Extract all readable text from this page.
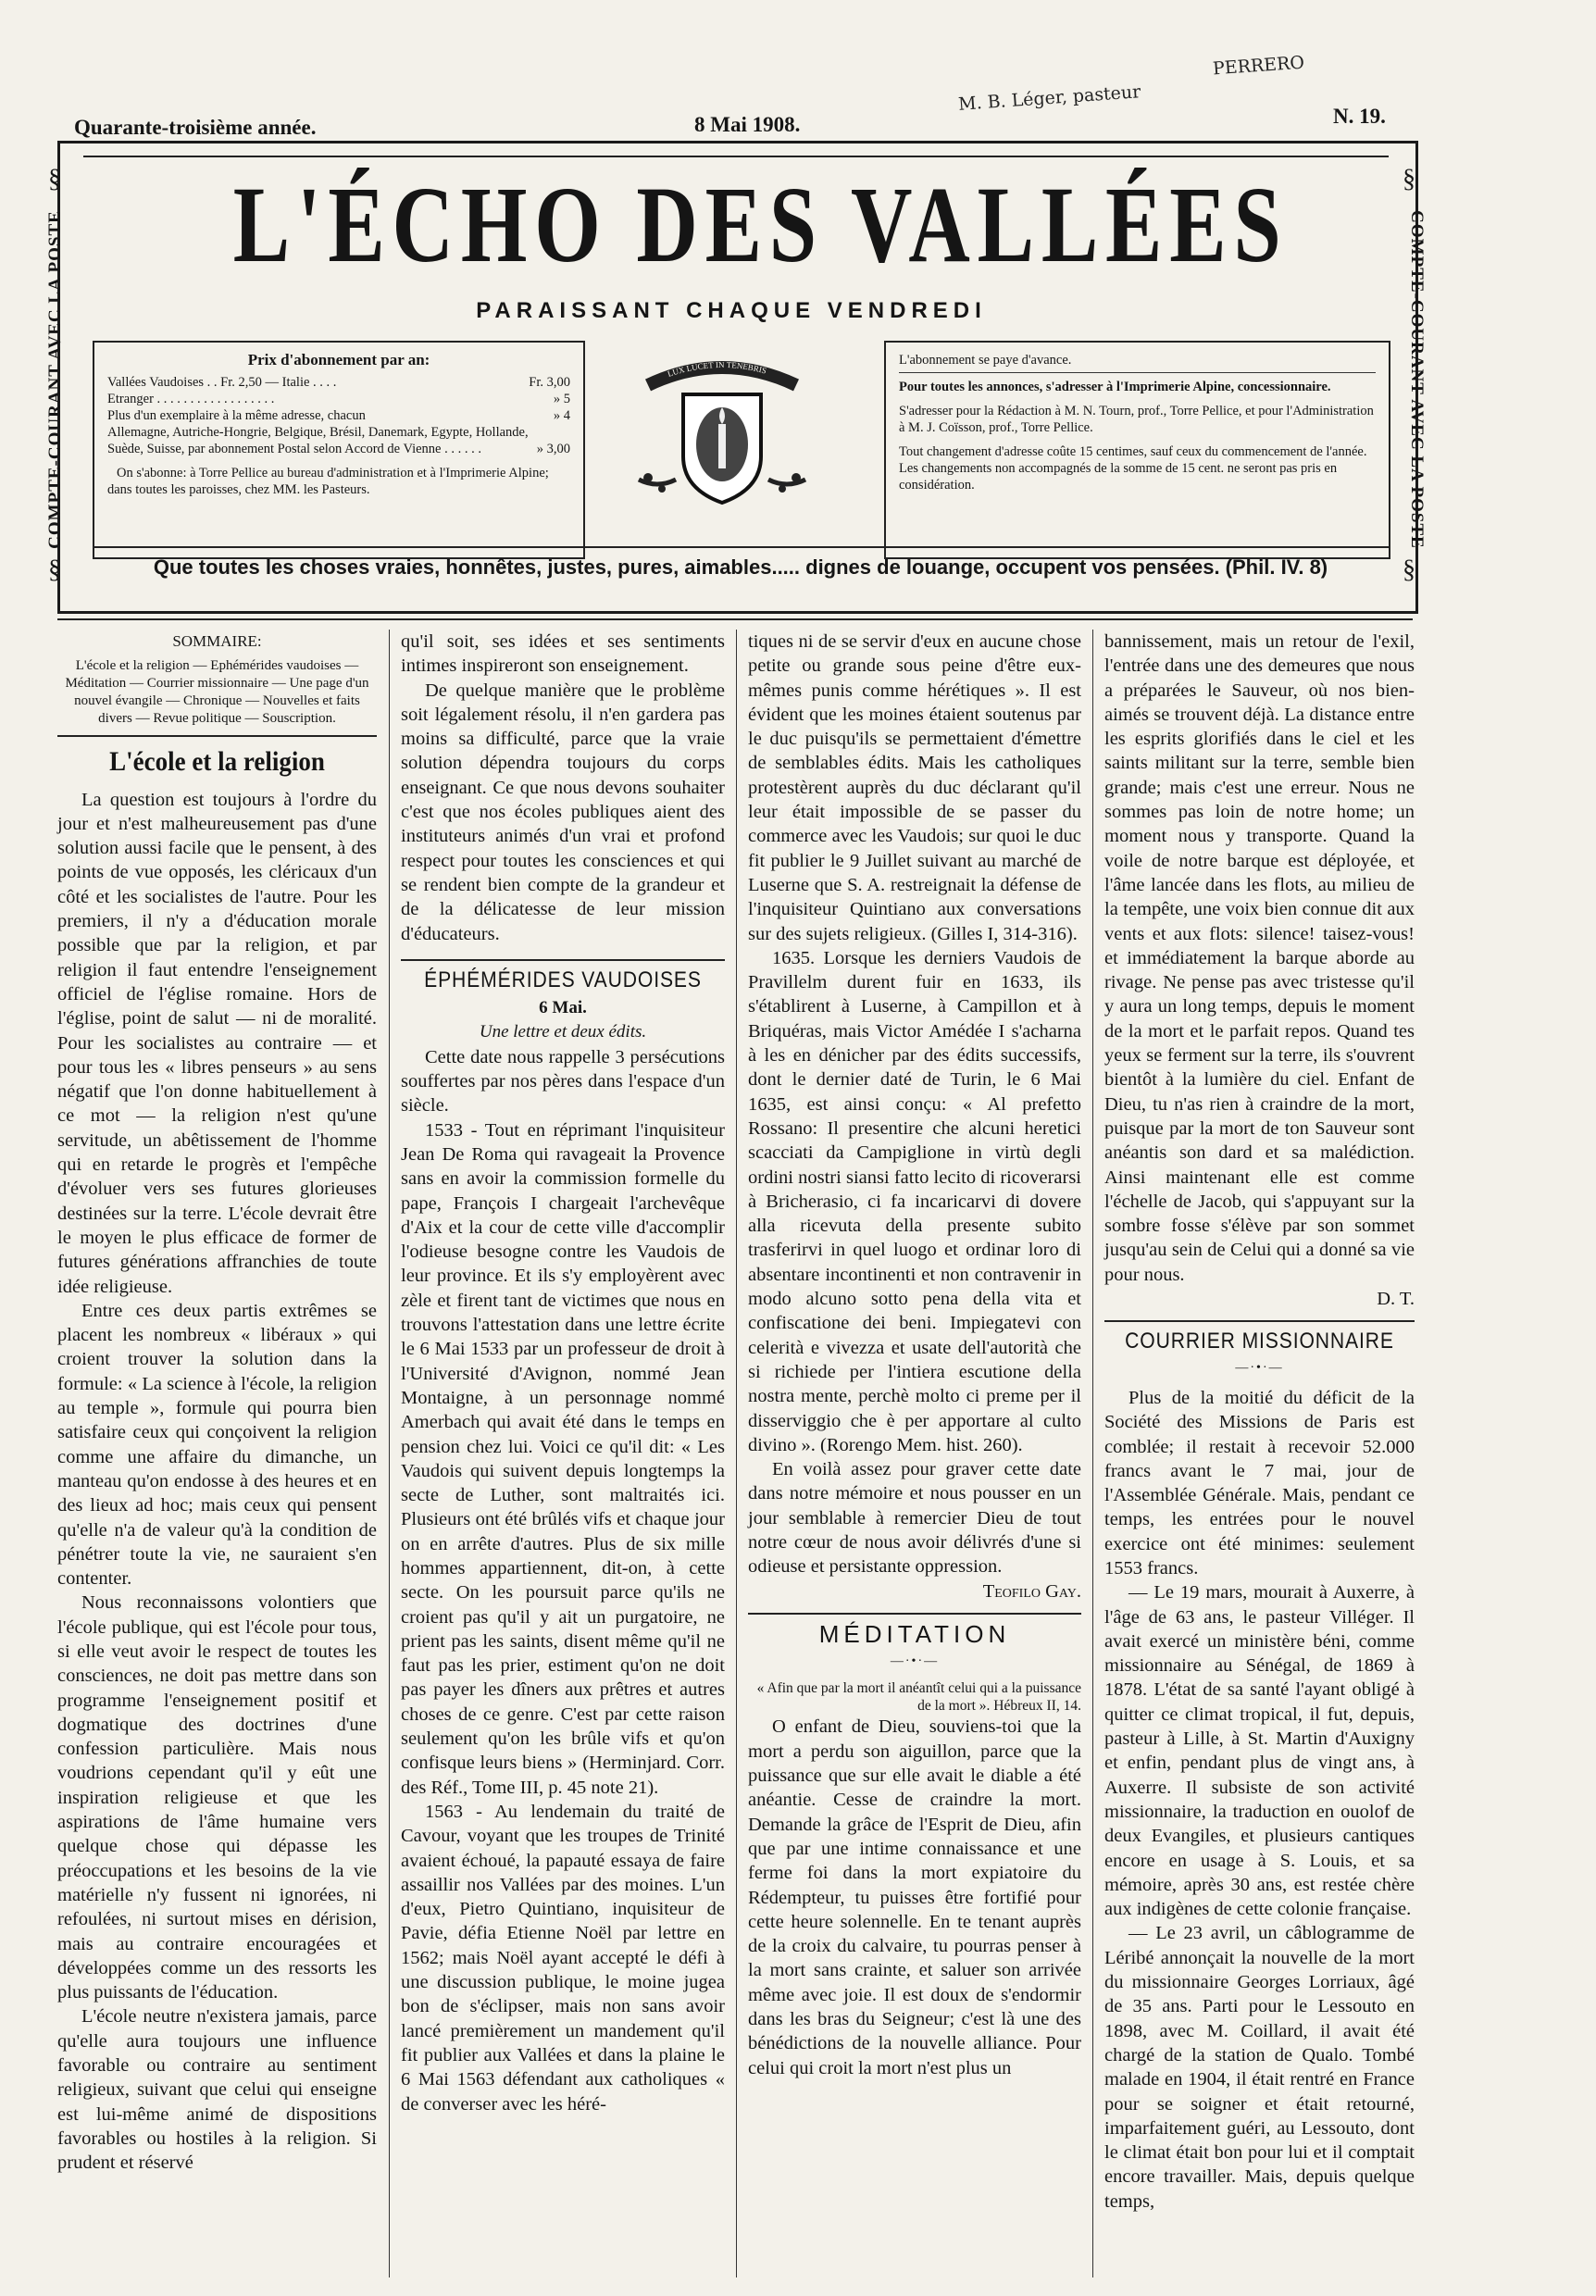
Quarante-troisième année.	8 Mai 1908.	N. 19.
M. B. Léger, pasteur
PERRERO
COMPTE-COURANT AVEC LA POSTE	COMPTE-COURANT AVEC LA POSTE
§
§
§
§
L'ÉCHO DES VALLÉES
PARAISSANT CHAQUE VENDREDI
Prix d'abonnement par an:
Vallées Vaudoises . . Fr. 2,50 — Italie . . . .	Fr. 3,00
Etranger . . . . . . . . . . . . . . . . . .	» 5
Plus d'un exemplaire à la même adresse, chacun	» 4
Allemagne, Autriche-Hongrie, Belgique, Brésil, Danemark, Egypte, Hollande, Suède, Suisse, par abonnement Postal selon Accord de Vienne . . . . . .	» 3,00
On s'abonne: à Torre Pellice au bureau d'administration et à l'Imprimerie Alpine; dans toutes les paroisses, chez MM. les Pasteurs.
LUX LUCET IN TENEBRIS
L'abonnement se paye d'avance.
Pour toutes les annonces, s'adresser à l'Imprimerie Alpine, concessionnaire.
S'adresser pour la Rédaction à M. N. Tourn, prof., Torre Pellice, et pour l'Administration à M. J. Coïsson, prof., Torre Pellice.
Tout changement d'adresse coûte 15 centimes, sauf ceux du commencement de l'année.
Les changements non accompagnés de la somme de 15 cent. ne seront pas pris en considération.
Que toutes les choses vraies, honnêtes, justes, pures, aimables..... dignes de louange, occupent vos pensées. (Phil. IV. 8)
SOMMAIRE:
L'école et la religion — Ephémérides vaudoises — Méditation — Courrier missionnaire — Une page d'un nouvel évangile — Chronique — Nouvelles et faits divers — Revue politique — Souscription.
L'école et la religion

La question est toujours à l'ordre du jour et n'est malheureusement pas d'une solution aussi facile que le pensent, à des points de vue opposés, les cléricaux d'un côté et les socialistes de l'autre. Pour les premiers, il n'y a d'éducation morale possible que par la religion, et par religion il faut entendre l'enseignement officiel de l'église romaine. Hors de l'église, point de salut — ni de moralité. Pour les socialistes au contraire — et pour tous les « libres penseurs » au sens négatif que l'on donne habituellement à ce mot — la religion n'est qu'une servitude, un abêtissement de l'homme qui en retarde le progrès et l'empêche d'évoluer vers ses futures glorieuses destinées sur la terre. L'école devrait être le moyen le plus efficace de former de futures générations affranchies de toute idée religieuse.

Entre ces deux partis extrêmes se placent les nombreux « libéraux » qui croient trouver la solution dans la formule: « La science à l'école, la religion au temple », formule qui pourra bien satisfaire ceux qui conçoivent la religion comme une affaire du dimanche, un manteau qu'on endosse à des heures et en des lieux ad hoc; mais ceux qui pensent qu'elle n'a de valeur qu'à la condition de pénétrer toute la vie, ne sauraient s'en contenter.

Nous reconnaissons volontiers que l'école publique, qui est l'école pour tous, si elle veut avoir le respect de toutes les consciences, ne doit pas mettre dans son programme l'enseignement positif et dogmatique des doctrines d'une confession particulière. Mais nous voudrions cependant qu'il y eût une inspiration religieuse et que les aspirations de l'âme humaine vers quelque chose qui dépasse les préoccupations et les besoins de la vie matérielle n'y fussent ni ignorées, ni refoulées, ni surtout mises en dérision, mais au contraire encouragées et développées comme un des ressorts les plus puissants de l'éducation.

L'école neutre n'existera jamais, parce qu'elle aura toujours une influence favorable ou contraire au sentiment religieux, suivant que celui qui enseigne est lui-même animé de dispositions favorables ou hostiles à la religion. Si prudent et réservé

qu'il soit, ses idées et ses sentiments intimes inspireront son enseignement.

De quelque manière que le problème soit légalement résolu, il n'en gardera pas moins sa difficulté, parce que la vraie solution dépendra toujours du corps enseignant. Ce que nous devons souhaiter c'est que nos écoles publiques aient des instituteurs animés d'un vrai et profond respect pour toutes les consciences et qui se rendent bien compte de la grandeur et de la délicatesse de leur mission d'éducateurs.

ÉPHÉMÉRIDES VAUDOISES
6 Mai.
Une lettre et deux édits.

Cette date nous rappelle 3 persécutions souffertes par nos pères dans l'espace d'un siècle.

1533 - Tout en réprimant l'inquisiteur Jean De Roma qui ravageait la Provence sans en avoir la commission formelle du pape, François I chargeait l'archevêque d'Aix et la cour de cette ville d'accomplir l'odieuse besogne contre les Vaudois de leur province. Et ils s'y employèrent avec zèle et firent tant de victimes que nous en trouvons l'attestation dans une lettre écrite le 6 Mai 1533 par un professeur de droit à l'Université d'Avignon, nommé Jean Montaigne, à un personnage nommé Amerbach qui avait été dans le temps en pension chez lui. Voici ce qu'il dit: « Les Vaudois qui suivent depuis longtemps la secte de Luther, sont maltraités ici. Plusieurs ont été brûlés vifs et chaque jour on en arrête d'autres. Plus de six mille hommes appartiennent, dit-on, à cette secte. On les poursuit parce qu'ils ne croient pas qu'il y ait un purgatoire, ne prient pas les saints, disent même qu'il ne faut pas les prier, estiment qu'on ne doit pas payer les dîners aux prêtres et autres choses de ce genre. C'est par cette raison seulement qu'on les brûle vifs et qu'on confisque leurs biens » (Herminjard. Corr. des Réf., Tome III, p. 45 note 21).

1563 - Au lendemain du traité de Cavour, voyant que les troupes de Trinité avaient échoué, la papauté essaya de faire assaillir nos Vallées par des moines. L'un d'eux, Pietro Quintiano, inquisiteur de Pavie, défia Etienne Noël par lettre en 1562; mais Noël ayant accepté le défi à une discussion publique, le moine jugea bon de s'éclipser, mais non sans avoir lancé premièrement un mandement qu'il fit publier aux Vallées et dans la plaine le 6 Mai 1563 défendant aux catholiques « de converser avec les héré-

tiques ni de se servir d'eux en aucune chose petite ou grande sous peine d'être eux-mêmes punis comme hérétiques ». Il est évident que les moines étaient soutenus par le duc puisqu'ils se permettaient d'émettre de semblables édits. Mais les catholiques protestèrent auprès du duc déclarant qu'il leur était impossible de se passer du commerce avec les Vaudois; sur quoi le duc fit publier le 9 Juillet suivant au marché de Luserne que S. A. restreignait la défense de l'inquisiteur Quintiano aux conversations sur des sujets religieux. (Gilles I, 314-316).

1635. Lorsque les derniers Vaudois de Pravillelm durent fuir en 1633, ils s'établirent à Luserne, à Campillon et à Briquéras, mais Victor Amédée I s'acharna à les en dénicher par des édits successifs, dont le dernier daté de Turin, le 6 Mai 1635, est ainsi conçu: « Al prefetto Rossano: Il presentire che alcuni heretici scacciati da Campiglione in virtù degli ordini nostri siansi fatto lecito di ricoverarsi à Bricherasio, ci fa incaricarvi di dovere alla ricevuta della presente subito trasferirvi in quel luogo et ordinar loro di absentare incontinenti et non contravenir in modo alcuno sotto pena della vita et confiscatione dei beni. Impiegatevi con celerità e vivezza et usate dell'autorità che si richiede per l'intiera escutione della nostra mente, perchè molto ci preme per il disserviggio che è per apportare al culto divino ». (Rorengo Mem. hist. 260).

En voilà assez pour graver cette date dans notre mémoire et nous pousser en un jour semblable à remercier Dieu de tout notre cœur de nous avoir délivrés d'une si odieuse et persistante oppression.

Teofilo Gay.
MÉDITATION
—·•·—
« Afin que par la mort il anéantît celui qui a la puissance de la mort ». Hébreux II, 14.

O enfant de Dieu, souviens-toi que la mort a perdu son aiguillon, parce que la puissance que sur elle avait le diable a été anéantie. Cesse de craindre la mort. Demande la grâce de l'Esprit de Dieu, afin que par une intime connaissance et une ferme foi dans la mort expiatoire du Rédempteur, tu puisses être fortifié pour cette heure solennelle. En te tenant auprès de la croix du calvaire, tu pourras penser à la mort sans crainte, et saluer son arrivée même avec joie. Il est doux de s'endormir dans les bras du Seigneur; c'est là une des bénédictions de la nouvelle alliance. Pour celui qui croit la mort n'est plus un

bannissement, mais un retour de l'exil, l'entrée dans une des demeures que nous a préparées le Sauveur, où nos bien-aimés se trouvent déjà. La distance entre les esprits glorifiés dans le ciel et les saints militant sur la terre, semble bien grande; mais c'est une erreur. Nous ne sommes pas loin de notre home; un moment nous y transporte. Quand la voile de notre barque est déployée, et l'âme lancée dans les flots, au milieu de la tempête, une voix bien connue dit aux vents et aux flots: silence! taisez-vous! et immédiatement la barque aborde au rivage. Ne pense pas avec tristesse qu'il y aura un long temps, depuis le moment de la mort et le parfait repos. Quand tes yeux se ferment sur la terre, ils s'ouvrent bientôt à la lumière du ciel. Enfant de Dieu, tu n'as rien à craindre de la mort, puisque par la mort de ton Sauveur sont anéantis son dard et sa malédiction. Ainsi maintenant elle est comme l'échelle de Jacob, qui s'appuyant sur la sombre fosse s'élève par son sommet jusqu'au sein de Celui qui a donné sa vie pour nous.

D. T.
COURRIER MISSIONNAIRE
—·•·—

Plus de la moitié du déficit de la Société des Missions de Paris est comblée; il restait à recevoir 52.000 francs avant le 7 mai, jour de l'Assemblée Générale. Mais, pendant ce temps, les entrées pour le nouvel exercice ont été minimes: seulement 1553 francs.

— Le 19 mars, mourait à Auxerre, à l'âge de 63 ans, le pasteur Villéger. Il avait exercé un ministère béni, comme missionnaire au Sénégal, de 1869 à 1878. L'état de sa santé l'ayant obligé à quitter ce climat tropical, il fut, depuis, pasteur à Lille, à St. Martin d'Auxigny et enfin, pendant plus de vingt ans, à Auxerre. Il subsiste de son activité missionnaire, la traduction en ouolof de deux Evangiles, et plusieurs cantiques encore en usage à S. Louis, et sa mémoire, après 30 ans, est restée chère aux indigènes de cette colonie française.

— Le 23 avril, un câblogramme de Léribé annonçait la nouvelle de la mort du missionnaire Georges Lorriaux, âgé de 35 ans. Parti pour le Lessouto en 1898, avec M. Coillard, il avait été chargé de la station de Qualo. Tombé malade en 1904, il était rentré en France pour se soigner et était retourné, imparfaitement guéri, au Lessouto, dont le climat était bon pour lui et il comptait encore travailler. Mais, depuis quelque temps,
